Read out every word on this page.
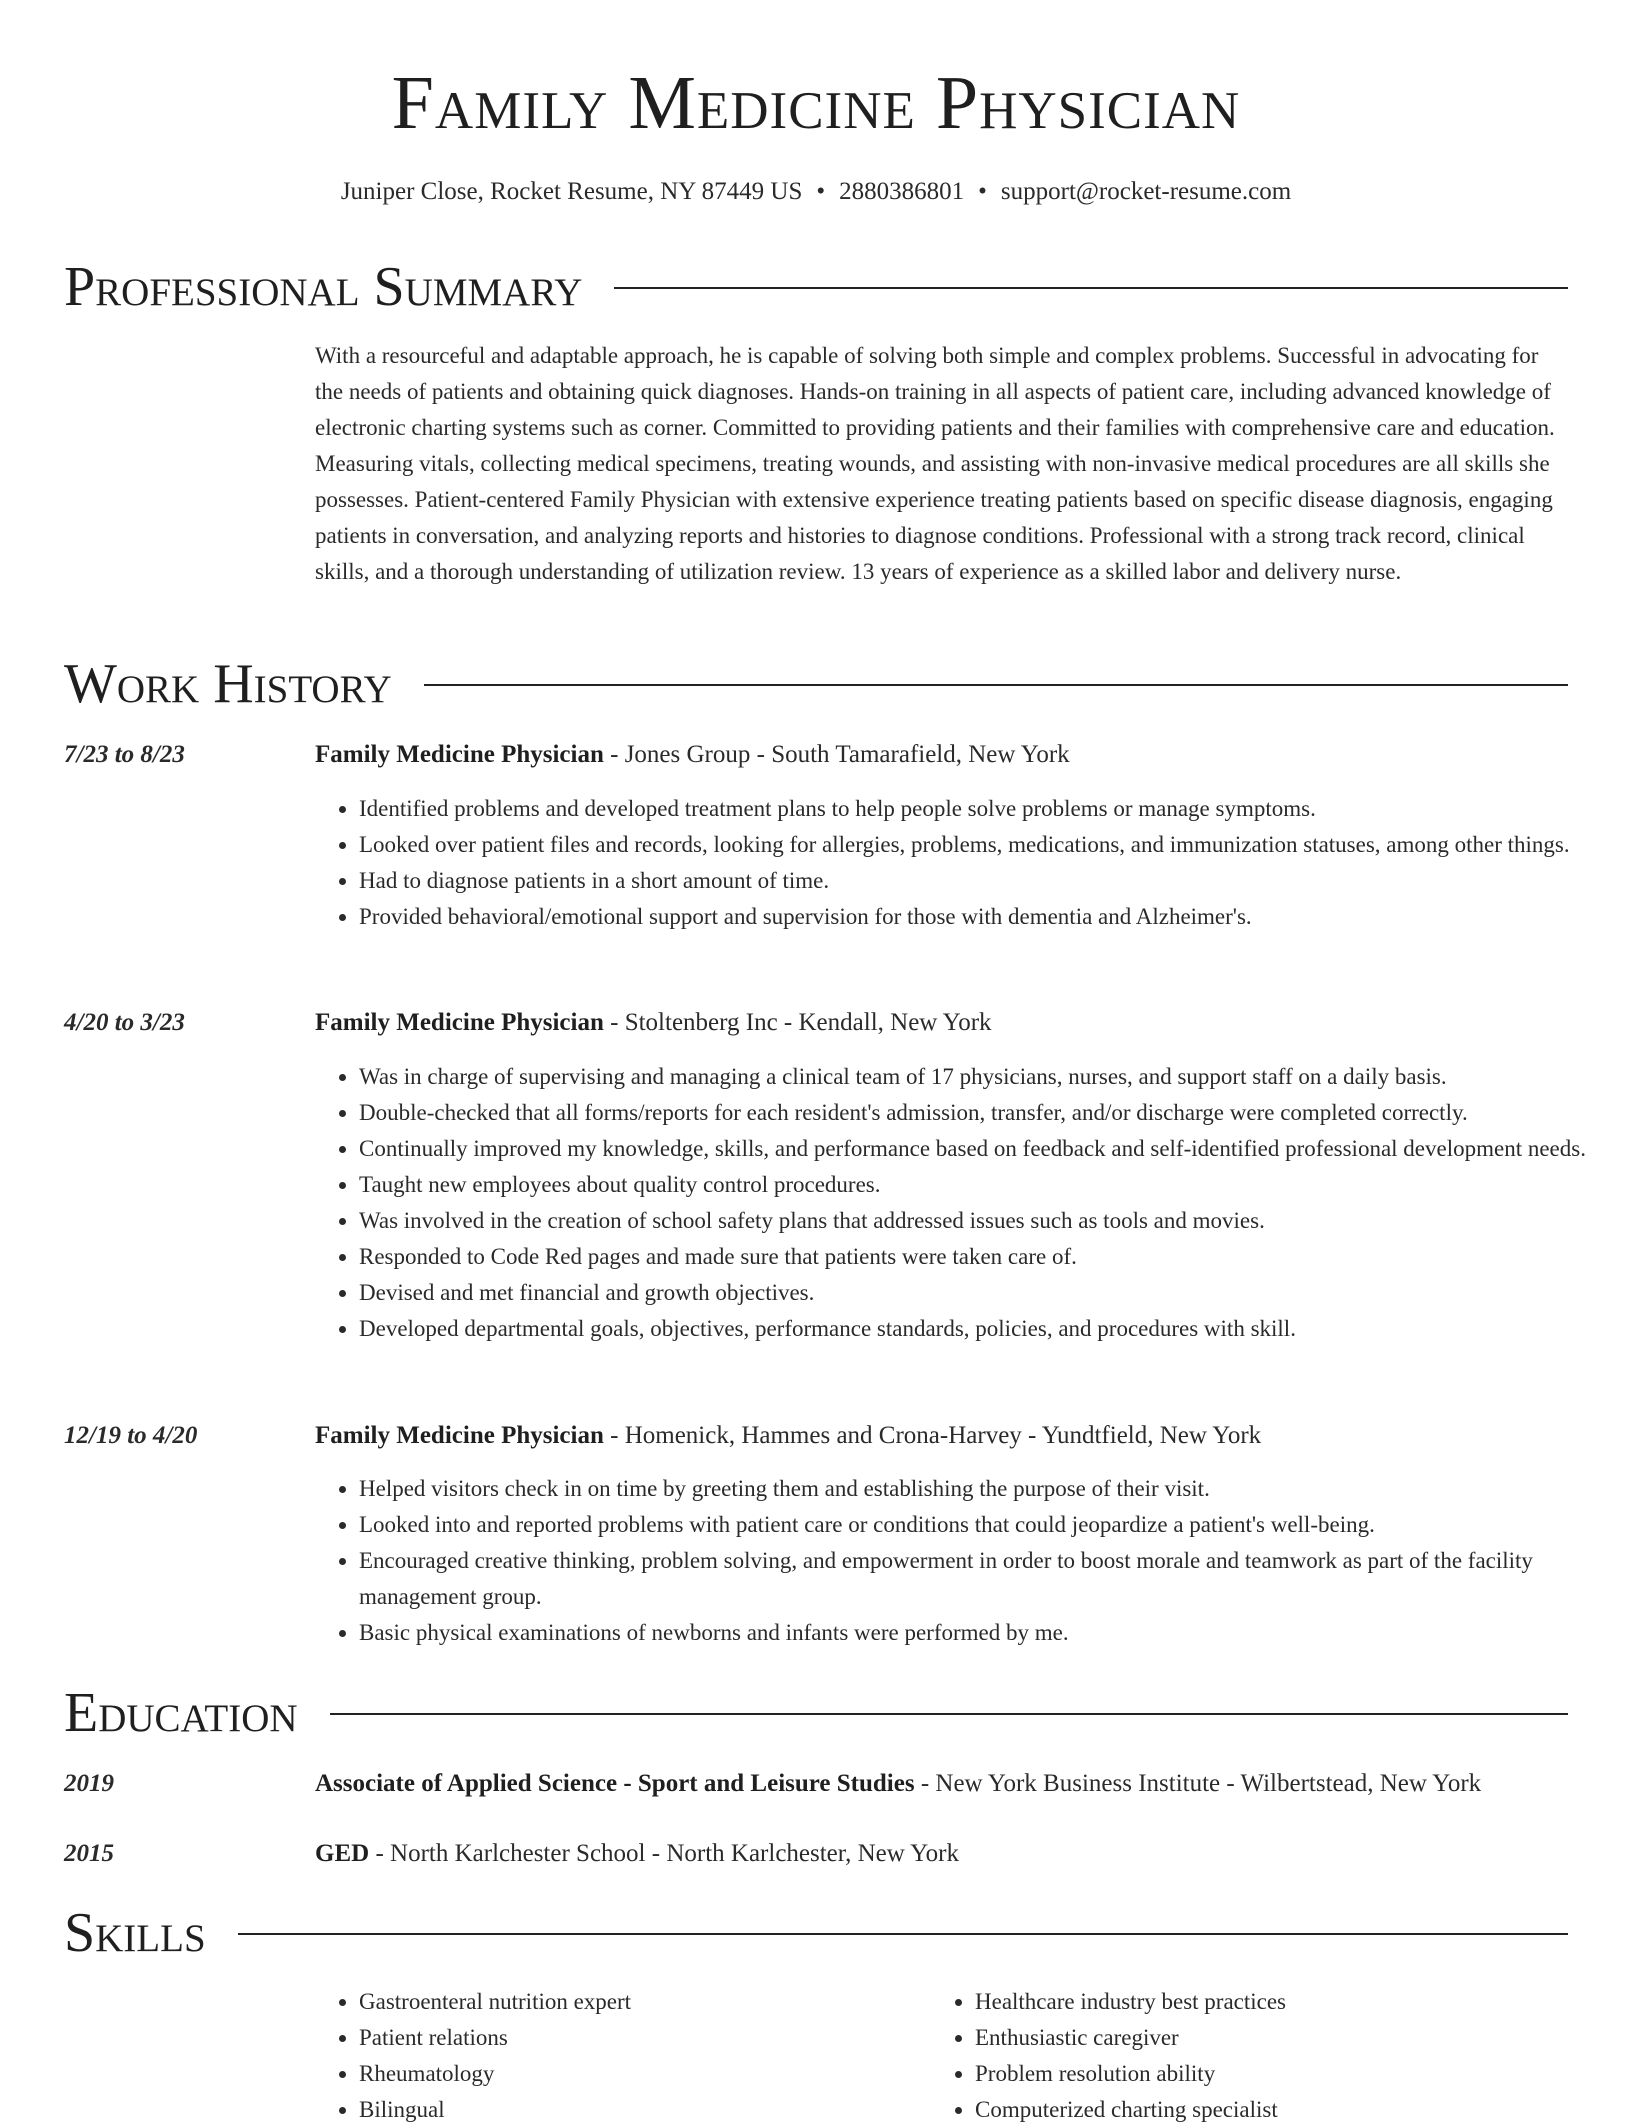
Family Medicine Physician
Juniper Close, Rocket Resume, NY 87449 US • 2880386801 • support@rocket-resume.com
Professional Summary

With a resourceful and adaptable approach, he is capable of solving both simple and complex problems. Successful in advocating for the needs of patients and obtaining quick diagnoses. Hands-on training in all aspects of patient care, including advanced knowledge of electronic charting systems such as corner. Committed to providing patients and their families with comprehensive care and education. Measuring vitals, collecting medical specimens, treating wounds, and assisting with non-invasive medical procedures are all skills she possesses. Patient-centered Family Physician with extensive experience treating patients based on specific disease diagnosis, engaging patients in conversation, and analyzing reports and histories to diagnose conditions. Professional with a strong track record, clinical skills, and a thorough understanding of utilization review. 13 years of experience as a skilled labor and delivery nurse.

Work History
7/23 to 8/23	Family Medicine Physician - Jones Group - South Tamarafield, New York
• Identified problems and developed treatment plans to help people solve problems or manage symptoms.
• Looked over patient files and records, looking for allergies, problems, medications, and immunization statuses, among other things.
• Had to diagnose patients in a short amount of time.
• Provided behavioral/emotional support and supervision for those with dementia and Alzheimer's.
4/20 to 3/23	Family Medicine Physician - Stoltenberg Inc - Kendall, New York
• Was in charge of supervising and managing a clinical team of 17 physicians, nurses, and support staff on a daily basis.
• Double-checked that all forms/reports for each resident's admission, transfer, and/or discharge were completed correctly.
• Continually improved my knowledge, skills, and performance based on feedback and self-identified professional development needs.
• Taught new employees about quality control procedures.
• Was involved in the creation of school safety plans that addressed issues such as tools and movies.
• Responded to Code Red pages and made sure that patients were taken care of.
• Devised and met financial and growth objectives.
• Developed departmental goals, objectives, performance standards, policies, and procedures with skill.
12/19 to 4/20	Family Medicine Physician - Homenick, Hammes and Crona-Harvey - Yundtfield, New York
• Helped visitors check in on time by greeting them and establishing the purpose of their visit.
• Looked into and reported problems with patient care or conditions that could jeopardize a patient's well-being.
• Encouraged creative thinking, problem solving, and empowerment in order to boost morale and teamwork as part of the facility management group.
• Basic physical examinations of newborns and infants were performed by me.
Education
2019	Associate of Applied Science - Sport and Leisure Studies - New York Business Institute - Wilbertstead, New York
2015	GED - North Karlchester School - North Karlchester, New York
Skills
• Gastroenteral nutrition expert
• Patient relations
• Rheumatology
• Bilingual
• Healthcare industry best practices
• Enthusiastic caregiver
• Problem resolution ability
• Computerized charting specialist
